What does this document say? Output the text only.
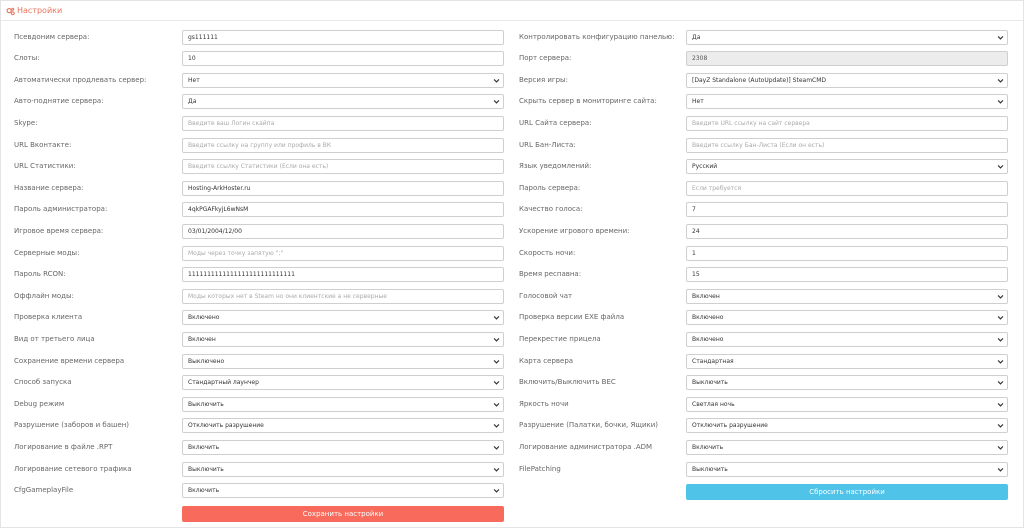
Настройки
Псевдоним сервера:	gs111111
Слоты:	10
Автоматически продлевать сервер:	Нет
Авто-поднятие сервера:	Да
Skype:	Введите ваш Логин скайпа
URL Вконтакте:	Введите ссылку на группу или профиль в ВК
URL Статистики:	Введите ссылку Статистики (Если она есть)
Название сервера:	Hosting-ArkHoster.ru
Пароль администратора:	4qkPGAFkyjL6wNsM
Игровое время сервера:	03/01/2004/12/00
Серверные моды:	Моды через точку запятую ";"
Пароль RCON:	1111111111111111111111111111
Оффлайн моды:	Моды которых нет в Steam но они клиентские а не серверные
Проверка клиента	Включено
Вид от третьего лица	Включен
Сохранение времени сервера	Выключено
Способ запуска	Стандартный лаунчер
Debug режим	Выключить
Разрушение (заборов и башен)	Отключить разрушение
Логирование в файле .RPT	Включить
Логирование сетевого трафика	Выключить
CfgGameplayFile	Включить
Контролировать конфигурацию панелью:	Да
Порт сервера:	2308
Версия игры:	[DayZ Standalone (AutoUpdate)] SteamCMD
Скрыть сервер в мониторинге сайта:	Нет
URL Сайта сервера:	Введите URL ссылку на сайт сервера
URL Бан-Листа:	Введите ссылку Бан-Листа (Если он есть)
Язык уведомлений:	Русский
Пароль сервера:	Если требуется
Качество голоса:	7
Ускорение игрового времени:	24
Скорость ночи:	1
Время респавна:	15
Голосовой чат	Включен
Проверка версии EXE файла	Включено
Перекрестие прицела	Включено
Карта сервера	Стандартная
Включить/Выключить BEC	Выключить
Яркость ночи	Светлая ночь
Разрушение (Палатки, бочки, Ящики)	Отключить разрушение
Логирование администратора .ADM	Включить
FilePatching	Выключить
Сохранить настройки
Сбросить настройки
